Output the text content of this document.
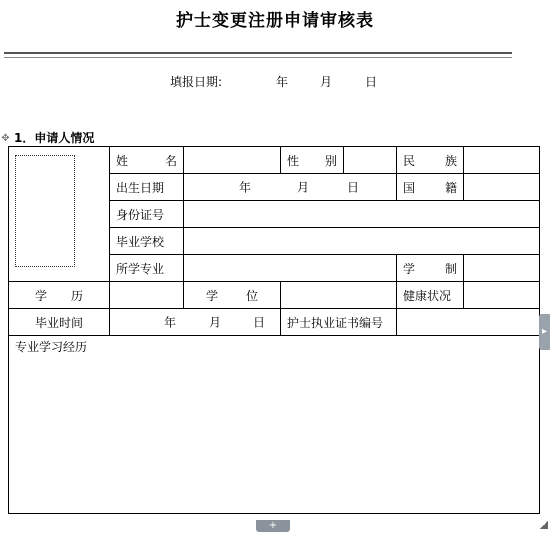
护士变更注册申请审核表
填报日期:	年	月	日
✥ 1．申请人情况

	姓 名		性 别		民 族	

	出生日期	年 月 日			国 籍	

	身份证号					
	毕业学校					
	所学专业				学 制	

学 历		学 位			健康状况	
毕业时间	年 月 日		护士执业证书编号			

专业学习经历						
▸
+
